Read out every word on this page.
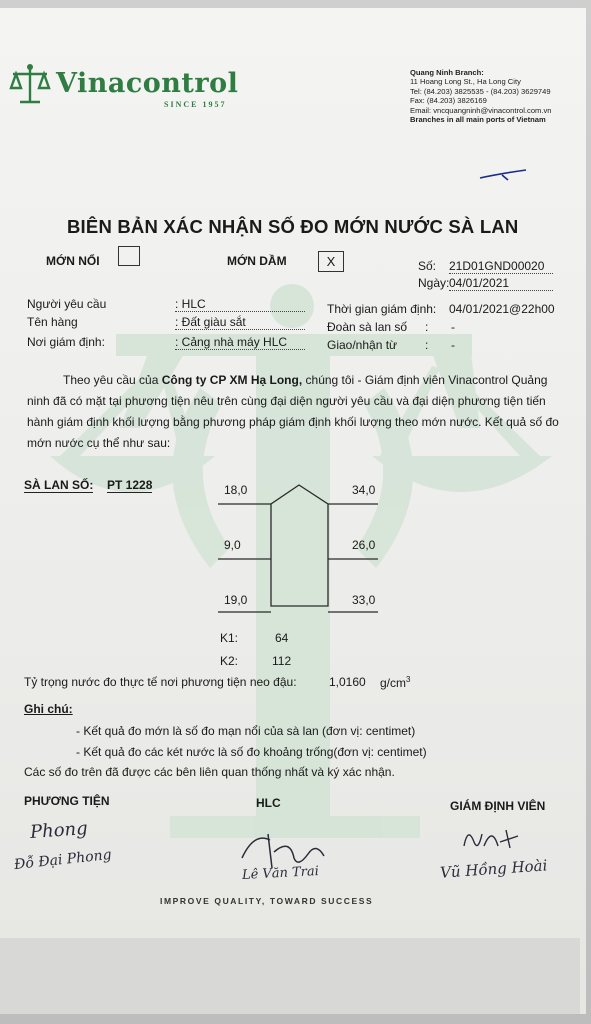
Vinacontrol
SINCE 1957
Quang Ninh Branch:
11 Hoang Long St., Ha Long City
Tel: (84.203) 3825535 - (84.203) 3629749
Fax: (84.203) 3826169
Email: vncquangninh@vinacontrol.com.vn
Branches in all main ports of Vietnam
BIÊN BẢN XÁC NHẬN SỐ ĐO MỚN NƯỚC SÀ LAN
MỚN NỔI	MỚN DẦM	X	Số: 21D01GND00020
Ngày: 04/01/2021
Người yêu cầu	: HLC
Tên hàng	: Đất giàu sắt
Nơi giám định:	: Cảng nhà máy HLC
Thời gian giám định: 04/01/2021@22h00
Đoàn sà lan số : -
Giao/nhận từ : -
Theo yêu cầu của Công ty CP XM Hạ Long, chúng tôi - Giám định viên Vinacontrol Quảng ninh đã có mặt tại phương tiện nêu trên cùng đại diện người yêu cầu và đại diện phương tiện tiến hành giám định khối lượng bằng phương pháp giám định khối lượng theo mớn nước. Kết quả số đo mớn nước cụ thể như sau:
SÀ LAN SỐ: PT 1228	18,0
9,0
19,0
34,0
26,0
33,0
K1:	64
K2:	112
Tỷ trọng nước đo thực tế nơi phương tiện neo đậu:	1,0160 $g/cm^3$
Ghi chú:
- Kết quả đo mớn là số đo mạn nổi của sà lan (đơn vị: centimet)
- Kết quả đo các két nước là số đo khoảng trống(đơn vị: centimet)
Các số đo trên đã được các bên liên quan thống nhất và ký xác nhận.
PHƯƠNG TIỆN	HLC	GIÁM ĐỊNH VIÊN
Phong
Đỗ Đại Phong
Lê Văn Trai	Vũ Hồng Hoài
IMPROVE QUALITY, TOWARD SUCCESS
